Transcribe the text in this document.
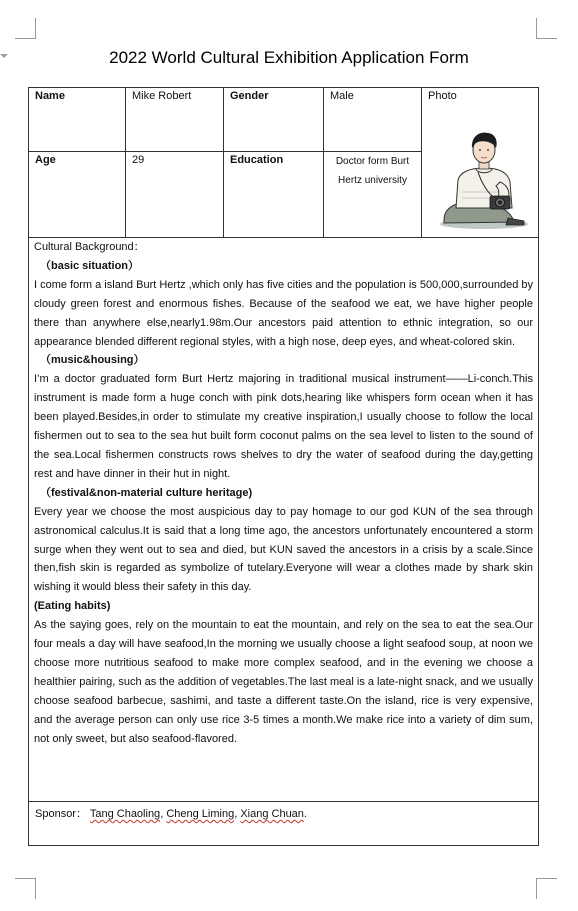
2022 World Cultural Exhibition Application Form
Name	Mike Robert	Gender	Male
Age	29	Education	Doctor form Burt
Hertz university
Photo

Cultural Background：

（basic situation）

I come form a island Burt Hertz ,which only has five cities and the population is 500,000,surrounded by cloudy green forest and enormous fishes. Because of the seafood we eat, we have higher people there than anywhere else,nearly1.98m.Our ancestors paid attention to ethnic integration, so our appearance blended different regional styles, with a high nose, deep eyes, and wheat-colored skin.

（music&housing）

I’m a doctor graduated form Burt Hertz majoring in traditional musical instrument——Li-conch.This instrument is made form a huge conch with pink dots,hearing like whispers form ocean when it has been played.Besides,in order to stimulate my creative inspiration,I usually choose to follow the local fishermen out to sea to the sea hut built form coconut palms on the sea level to listen to the sound of the sea.Local fishermen constructs rows shelves to dry the water of seafood during the day,getting rest and have dinner in their hut in night.

（festival&non-material culture heritage)

Every year we choose the most auspicious day to pay homage to our god KUN of the sea through astronomical calculus.It is said that a long time ago, the ancestors unfortunately encountered a storm surge when they went out to sea and died, but KUN saved the ancestors in a crisis by a scale.Since then,fish skin is regarded as symbolize of tutelary.Everyone will wear a clothes made by shark skin wishing it would bless their safety in this day.

(Eating habits)

As the saying goes, rely on the mountain to eat the mountain, and rely on the sea to eat the sea.Our four meals a day will have seafood,In the morning we usually choose a light seafood soup, at noon we choose more nutritious seafood to make more complex seafood, and in the evening we choose a healthier pairing, such as the addition of vegetables.The last meal is a late-night snack, and we usually choose seafood barbecue, sashimi, and taste a different taste.On the island, rice is very expensive, and the average person can only use rice 3-5 times a month.We make rice into a variety of dim sum, not only sweet, but also seafood-flavored.

Sponsor： Tang Chaoling, Cheng Liming, Xiang Chuan.
